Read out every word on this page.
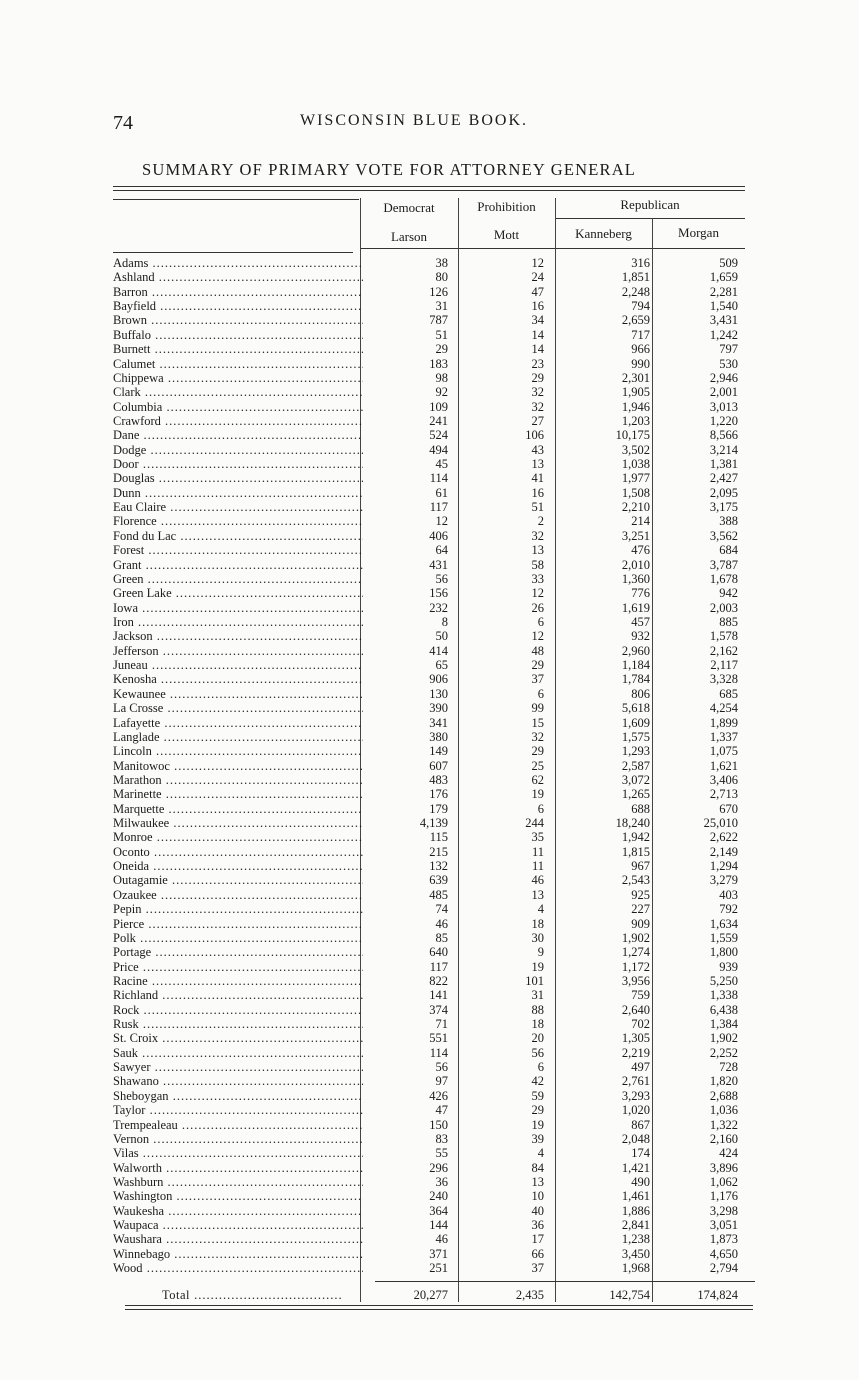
74	WISCONSIN BLUE BOOK.
SUMMARY OF PRIMARY VOTE FOR ATTORNEY GENERAL
Democrat	Prohibition	Republican
Larson	Mott	Kanneberg	Morgan
Adams .....	38	12	316	509
Ashland .....	80	24	1,851	1,659
Barron .....	126	47	2,248	2,281
Bayfield .....	31	16	794	1,540
Brown .....	787	34	2,659	3,431
Buffalo .....	51	14	717	1,242
Burnett .....	29	14	966	797
Calumet .....	183	23	990	530
Chippewa .....	98	29	2,301	2,946
Clark .....	92	32	1,905	2,001
Columbia .....	109	32	1,946	3,013
Crawford .....	241	27	1,203	1,220
Dane .....	524	106	10,175	8,566
Dodge .....	494	43	3,502	3,214
Door .....	45	13	1,038	1,381
Douglas .....	114	41	1,977	2,427
Dunn .....	61	16	1,508	2,095
Eau Claire .....	117	51	2,210	3,175
Florence .....	12	2	214	388
Fond du Lac .....	406	32	3,251	3,562
Forest .....	64	13	476	684
Grant .....	431	58	2,010	3,787
Green .....	56	33	1,360	1,678
Green Lake .....	156	12	776	942
Iowa .....	232	26	1,619	2,003
Iron .....	8	6	457	885
Jackson .....	50	12	932	1,578
Jefferson .....	414	48	2,960	2,162
Juneau .....	65	29	1,184	2,117
Kenosha .....	906	37	1,784	3,328
Kewaunee .....	130	6	806	685
La Crosse .....	390	99	5,618	4,254
Lafayette .....	341	15	1,609	1,899
Langlade .....	380	32	1,575	1,337
Lincoln .....	149	29	1,293	1,075
Manitowoc .....	607	25	2,587	1,621
Marathon .....	483	62	3,072	3,406
Marinette .....	176	19	1,265	2,713
Marquette .....	179	6	688	670
Milwaukee .....	4,139	244	18,240	25,010
Monroe .....	115	35	1,942	2,622
Oconto .....	215	11	1,815	2,149
Oneida .....	132	11	967	1,294
Outagamie .....	639	46	2,543	3,279
Ozaukee .....	485	13	925	403
Pepin .....	74	4	227	792
Pierce .....	46	18	909	1,634
Polk .....	85	30	1,902	1,559
Portage .....	640	9	1,274	1,800
Price .....	117	19	1,172	939
Racine .....	822	101	3,956	5,250
Richland .....	141	31	759	1,338
Rock .....	374	88	2,640	6,438
Rusk .....	71	18	702	1,384
St. Croix .....	551	20	1,305	1,902
Sauk .....	114	56	2,219	2,252
Sawyer .....	56	6	497	728
Shawano .....	97	42	2,761	1,820
Sheboygan .....	426	59	3,293	2,688
Taylor .....	47	29	1,020	1,036
Trempealeau .....	150	19	867	1,322
Vernon .....	83	39	2,048	2,160
Vilas .....	55	4	174	424
Walworth .....	296	84	1,421	3,896
Washburn .....	36	13	490	1,062
Washington .....	240	10	1,461	1,176
Waukesha .....	364	40	1,886	3,298
Waupaca .....	144	36	2,841	3,051
Waushara .....	46	17	1,238	1,873
Winnebago .....	371	66	3,450	4,650
Wood .....	251	37	1,968	2,794
Total .....	20,277	2,435	142,754	174,824
